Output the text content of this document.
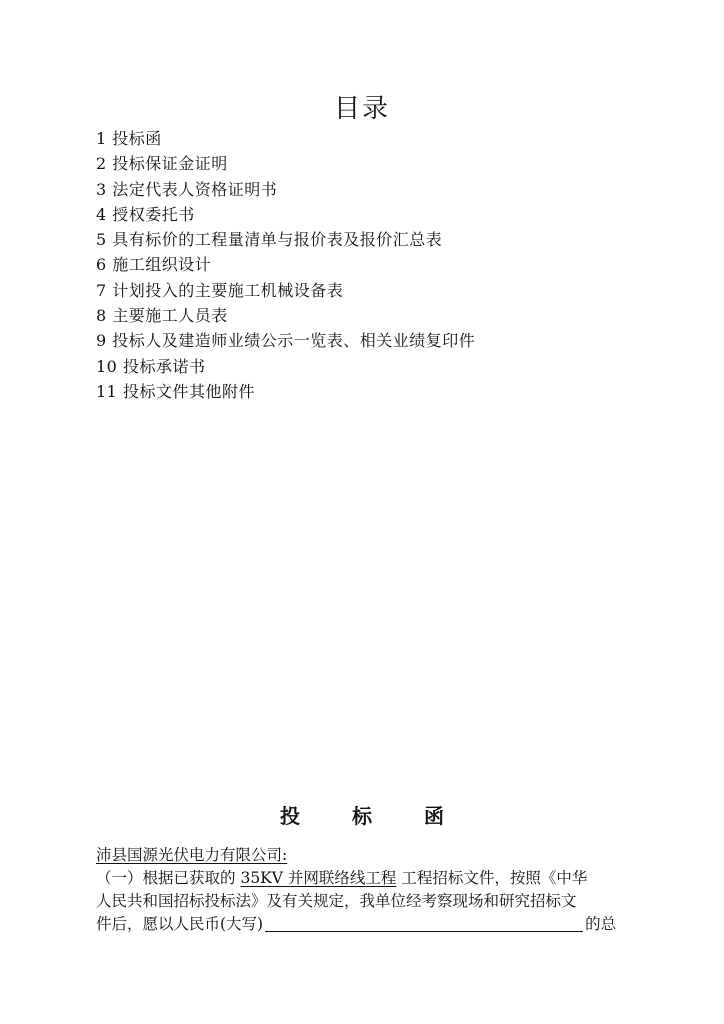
目录
1 投标函
2 投标保证金证明
3 法定代表人资格证明书
4 授权委托书
5 具有标价的工程量清单与报价表及报价汇总表
6 施工组织设计
7 计划投入的主要施工机械设备表
8 主要施工人员表
9 投标人及建造师业绩公示一览表、相关业绩复印件
10 投标承诺书
11 投标文件其他附件
投	标	函
沛县国源光伏电力有限公司:
（一）根据已获取的 35KV 并网联络线工程 工程招标文件，按照《中华
人民共和国招标投标法》及有关规定，我单位经考察现场和研究招标文
件后，愿以人民币(大写)	的总
